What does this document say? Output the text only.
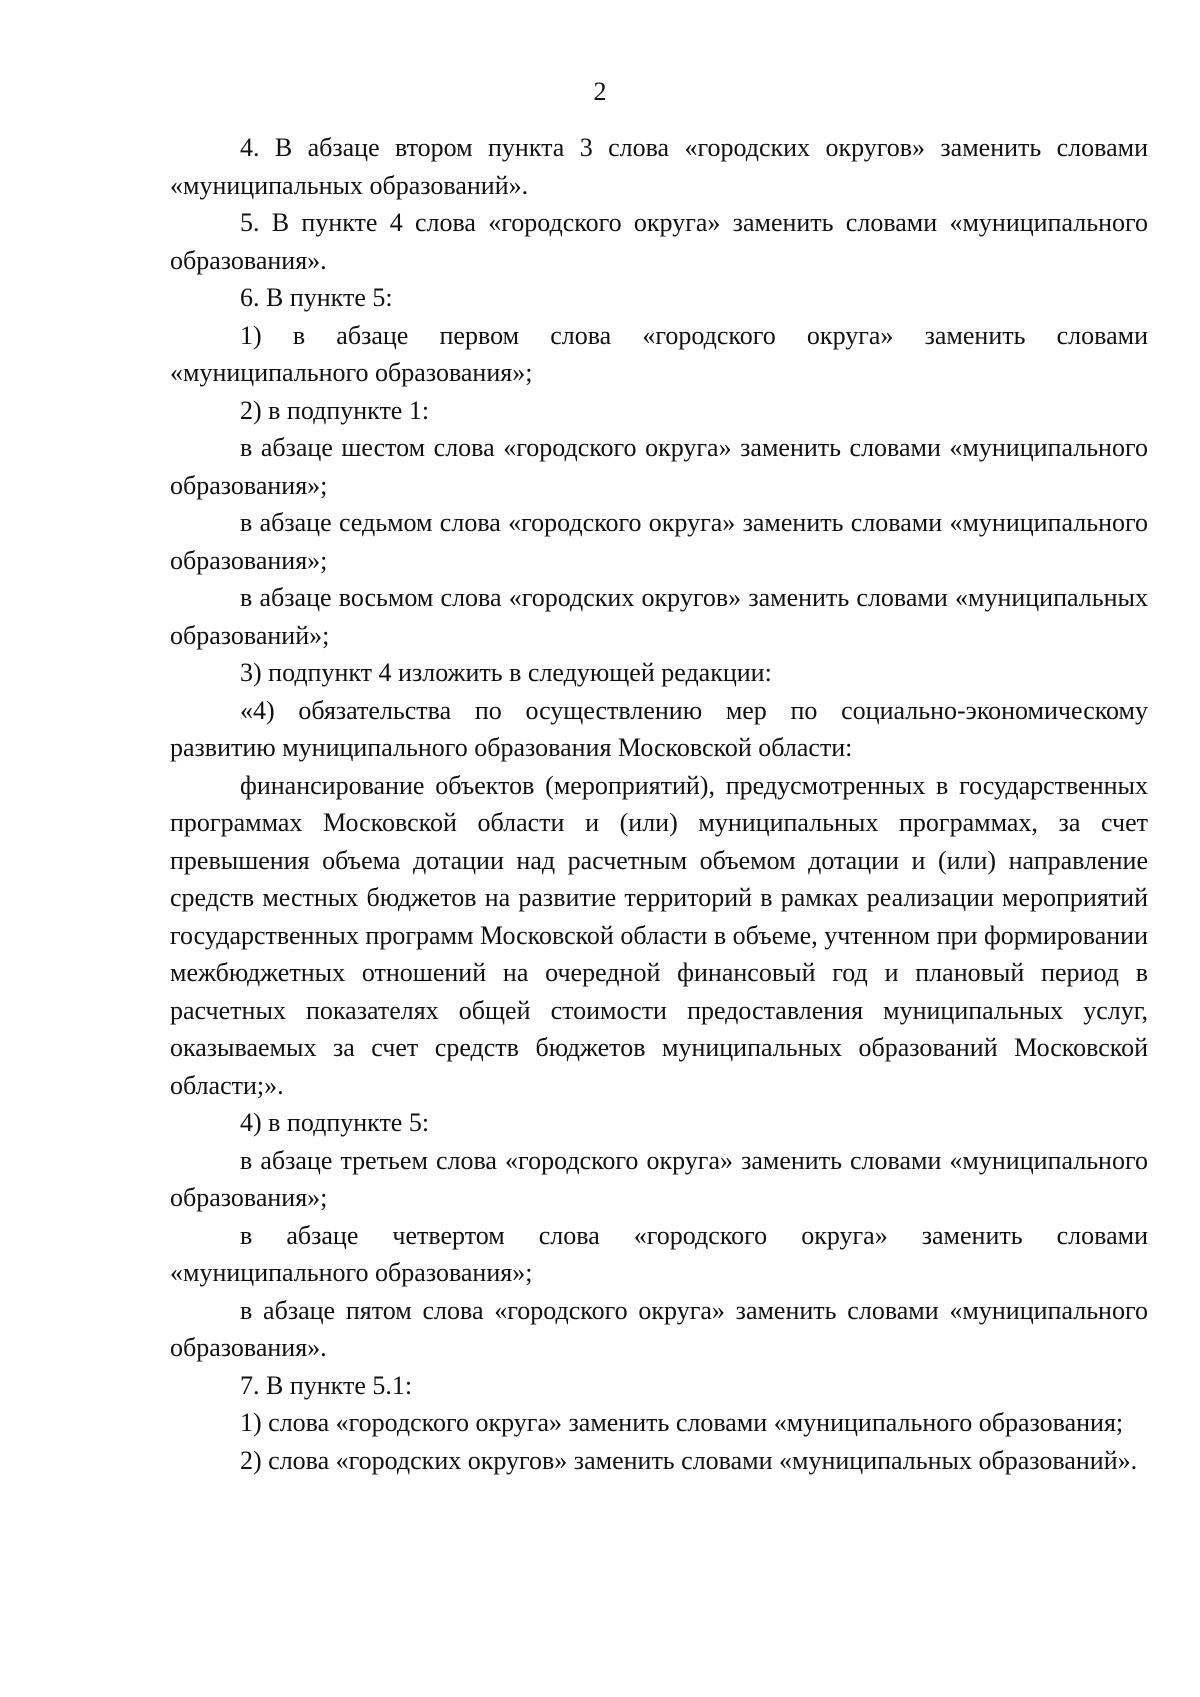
2

4. В абзаце втором пункта 3 слова «городских округов» заменить словами «муниципальных образований».

5. В пункте 4 слова «городского округа» заменить словами «муниципального образования».

6. В пункте 5:

1) в абзаце первом слова «городского округа» заменить словами «муниципального образования»;

2) в подпункте 1:

в абзаце шестом слова «городского округа» заменить словами «муниципального образования»;

в абзаце седьмом слова «городского округа» заменить словами «муниципального образования»;

в абзаце восьмом слова «городских округов» заменить словами «муниципальных образований»;

3) подпункт 4 изложить в следующей редакции:

«4) обязательства по осуществлению мер по социально-экономическому развитию муниципального образования Московской области:

финансирование объектов (мероприятий), предусмотренных в государственных программах Московской области и (или) муниципальных программах, за счет превышения объема дотации над расчетным объемом дотации и (или) направление средств местных бюджетов на развитие территорий в рамках реализации мероприятий государственных программ Московской области в объеме, учтенном при формировании межбюджетных отношений на очередной финансовый год и плановый период в расчетных показателях общей стоимости предоставления муниципальных услуг, оказываемых за счет средств бюджетов муниципальных образований Московской области;».

4) в подпункте 5:

в абзаце третьем слова «городского округа» заменить словами «муниципального образования»;

в абзаце четвертом слова «городского округа» заменить словами «муниципального образования»;

в абзаце пятом слова «городского округа» заменить словами «муниципального образования».

7. В пункте 5.1:

1) слова «городского округа» заменить словами «муниципального образования;

2) слова «городских округов» заменить словами «муниципальных образований».
